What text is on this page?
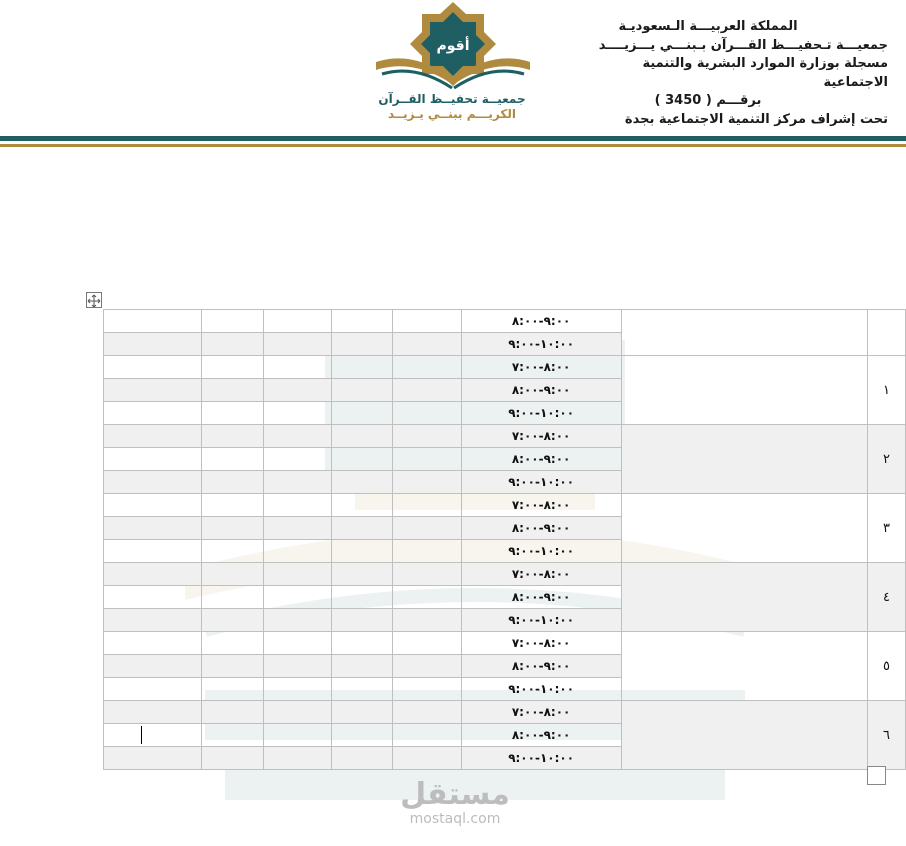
المملكة العربيـــة الـسعوديـة
جمعيـــة تـحفيـــظ القـــرآن بـبنـــي يـــزيــــد
مسجلة بوزارة الموارد البشرية والتنمية الاجتماعية
برقـــم ( 3450 )
تحت إشراف مركز التنمية الاجتماعية بجدة
أقوم
جمعيــة تحفيــظ القــرآن
الكريـــم ببنــي يـزيــد
		٩:٠٠-٨:٠٠					
		١٠:٠٠-٩:٠٠					
١		٨:٠٠-٧:٠٠					
		٩:٠٠-٨:٠٠					
		١٠:٠٠-٩:٠٠					
٢		٨:٠٠-٧:٠٠					
		٩:٠٠-٨:٠٠					
		١٠:٠٠-٩:٠٠					
٣		٨:٠٠-٧:٠٠					
		٩:٠٠-٨:٠٠					
		١٠:٠٠-٩:٠٠					
٤		٨:٠٠-٧:٠٠					
		٩:٠٠-٨:٠٠					
		١٠:٠٠-٩:٠٠					
٥		٨:٠٠-٧:٠٠					
		٩:٠٠-٨:٠٠					
		١٠:٠٠-٩:٠٠					
٦		٨:٠٠-٧:٠٠					
		٩:٠٠-٨:٠٠					
		١٠:٠٠-٩:٠٠					
مستقل
mostaql.com
